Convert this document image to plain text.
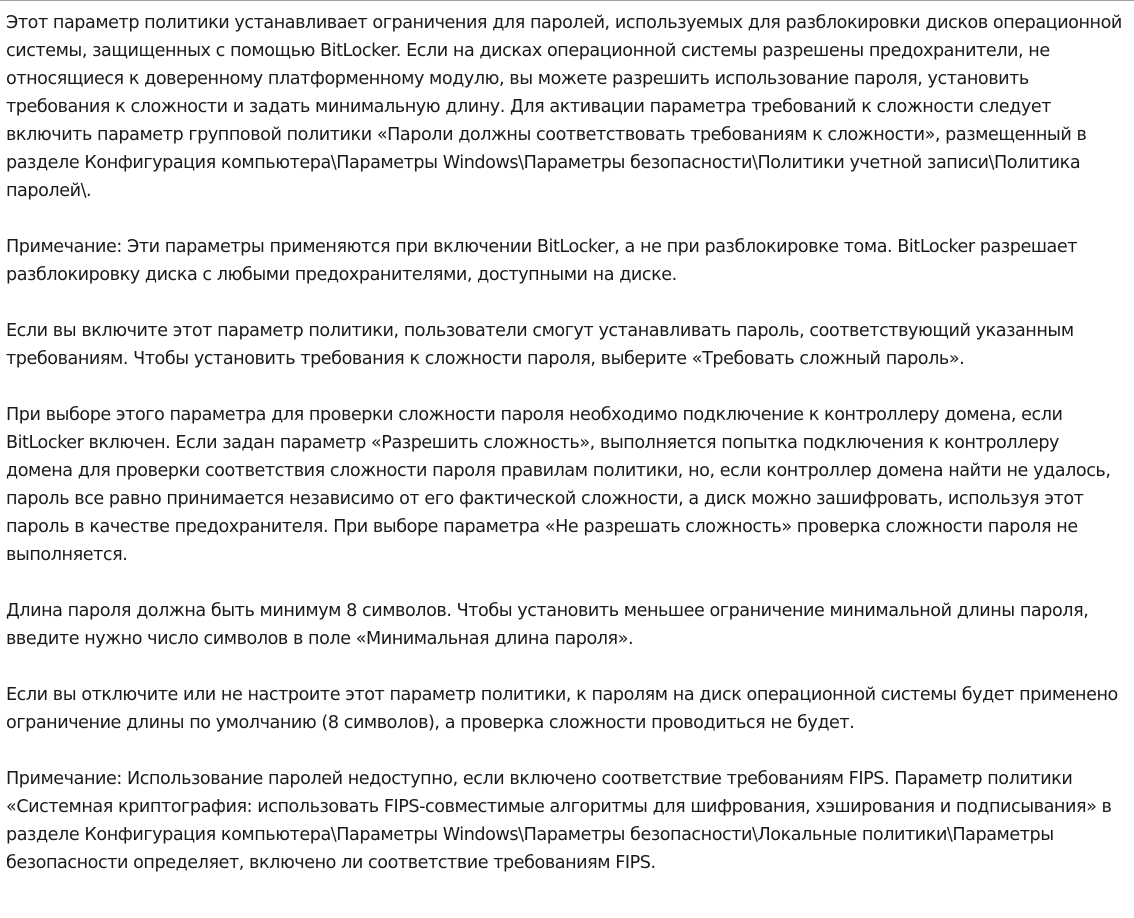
Этот параметр политики устанавливает ограничения для паролей, используемых для разблокировки дисков операционной системы, защищенных с помощью BitLocker. Если на дисках операционной системы разрешены предохранители, не относящиеся к доверенному платформенному модулю, вы можете разрешить использование пароля, установить требования к сложности и задать минимальную длину. Для активации параметра требований к сложности следует включить параметр групповой политики «Пароли должны соответствовать требованиям к сложности», размещенный в разделе Конфигурация компьютера\Параметры Windows\Параметры безопасности\Политики учетной записи\Политика паролей\.

Примечание: Эти параметры применяются при включении BitLocker, а не при разблокировке тома. BitLocker разрешает разблокировку диска с любыми предохранителями, доступными на диске.

Если вы включите этот параметр политики, пользователи смогут устанавливать пароль, соответствующий указанным требованиям. Чтобы установить требования к сложности пароля, выберите «Требовать сложный пароль».

При выборе этого параметра для проверки сложности пароля необходимо подключение к контроллеру домена, если BitLocker включен. Если задан параметр «Разрешить сложность», выполняется попытка подключения к контроллеру домена для проверки соответствия сложности пароля правилам политики, но, если контроллер домена найти не удалось, пароль все равно принимается независимо от его фактической сложности, а диск можно зашифровать, используя этот пароль в качестве предохранителя. При выборе параметра «Не разрешать сложность» проверка сложности пароля не выполняется.

Длина пароля должна быть минимум 8 символов. Чтобы установить меньшее ограничение минимальной длины пароля, введите нужно число символов в поле «Минимальная длина пароля».

Если вы отключите или не настроите этот параметр политики, к паролям на диск операционной системы будет применено ограничение длины по умолчанию (8 символов), а проверка сложности проводиться не будет.

Примечание: Использование паролей недоступно, если включено соответствие требованиям FIPS. Параметр политики «Системная криптография: использовать FIPS-совместимые алгоритмы для шифрования, хэширования и подписывания» в разделе Конфигурация компьютера\Параметры Windows\Параметры безопасности\Локальные политики\Параметры безопасности определяет, включено ли соответствие требованиям FIPS.
